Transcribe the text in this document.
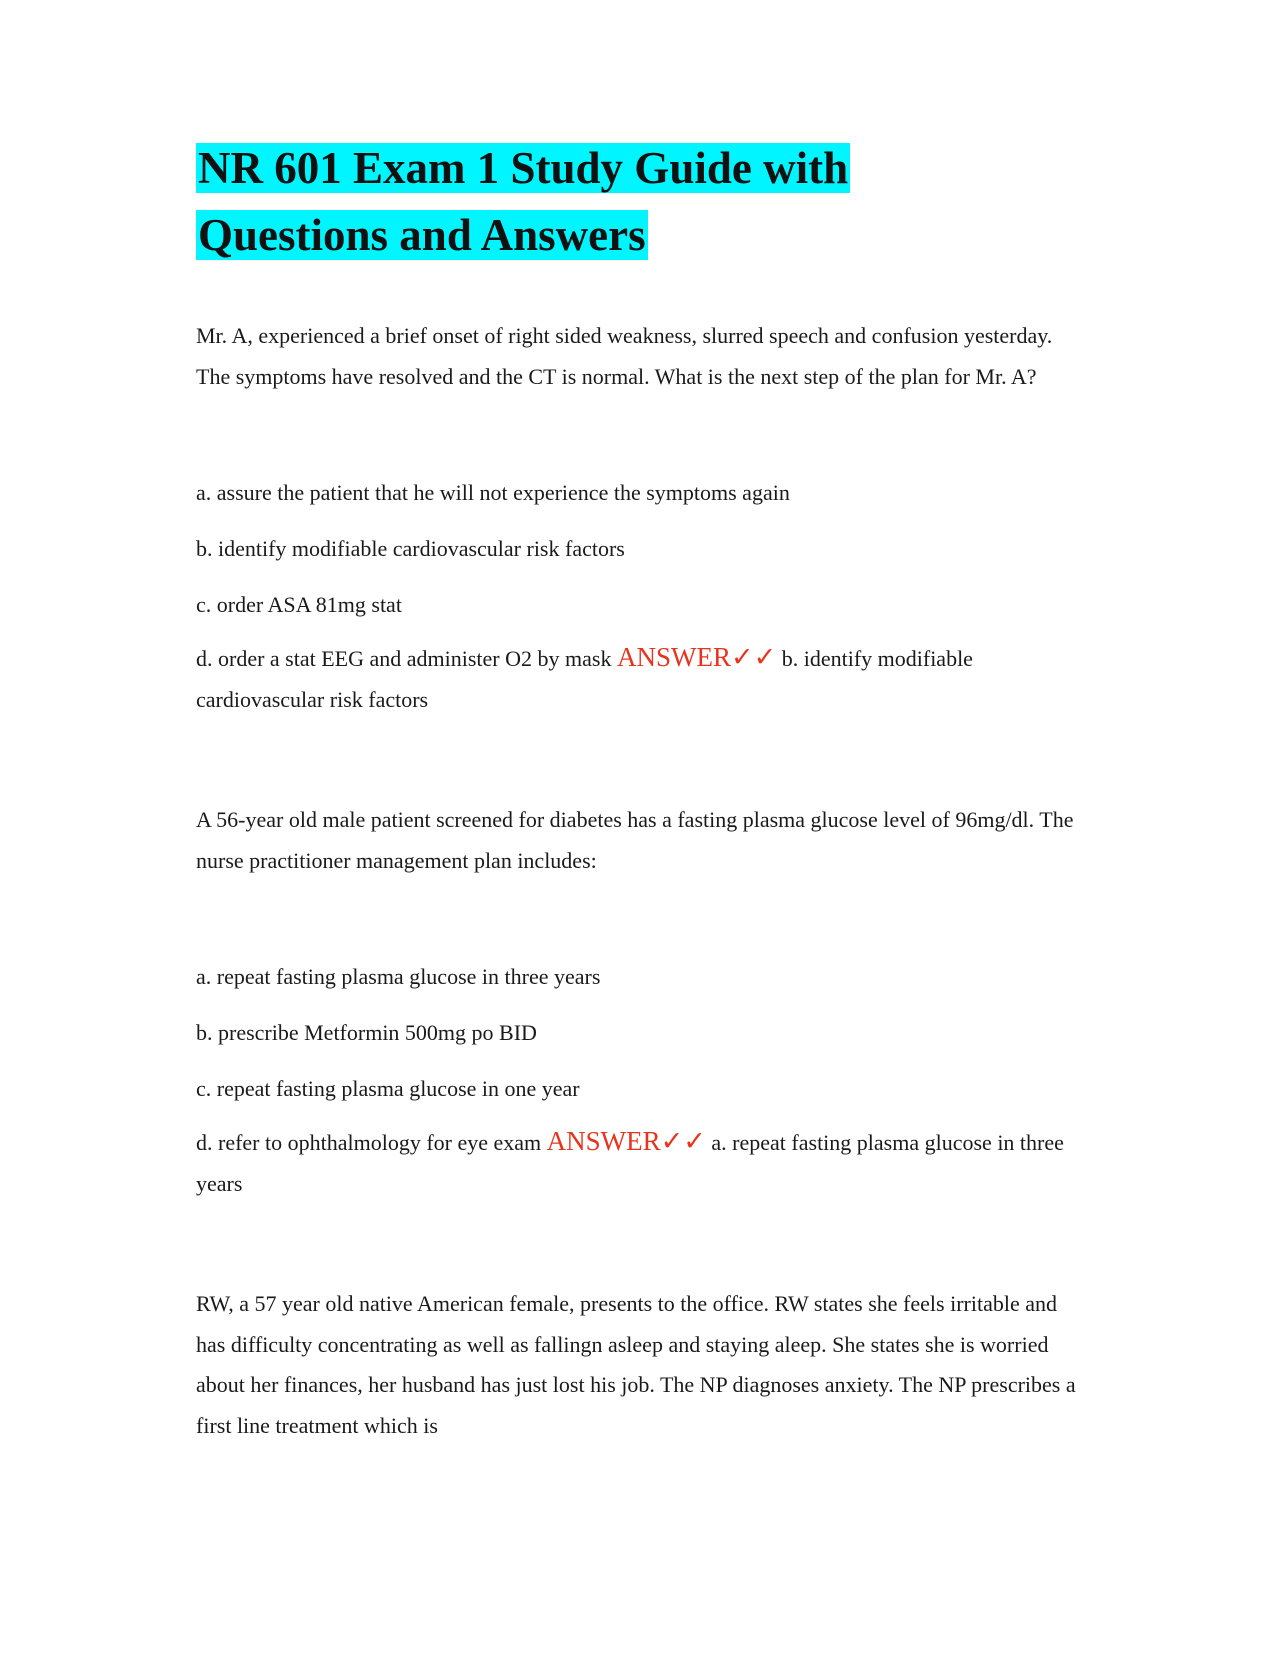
NR 601 Exam 1 Study Guide with
Questions and Answers

Mr. A, experienced a brief onset of right sided weakness, slurred speech and confusion yesterday. The symptoms have resolved and the CT is normal. What is the next step of the plan for Mr. A?

a. assure the patient that he will not experience the symptoms again

b. identify modifiable cardiovascular risk factors

c. order ASA 81mg stat

d. order a stat EEG and administer O2 by mask ANSWER✓✓ b. identify modifiable cardiovascular risk factors

A 56-year old male patient screened for diabetes has a fasting plasma glucose level of 96mg/dl. The nurse practitioner management plan includes:

a. repeat fasting plasma glucose in three years

b. prescribe Metformin 500mg po BID

c. repeat fasting plasma glucose in one year

d. refer to ophthalmology for eye exam ANSWER✓✓ a. repeat fasting plasma glucose in three years

RW, a 57 year old native American female, presents to the office. RW states she feels irritable and has difficulty concentrating as well as fallingn asleep and staying aleep. She states she is worried about her finances, her husband has just lost his job. The NP diagnoses anxiety. The NP prescribes a first line treatment which is
